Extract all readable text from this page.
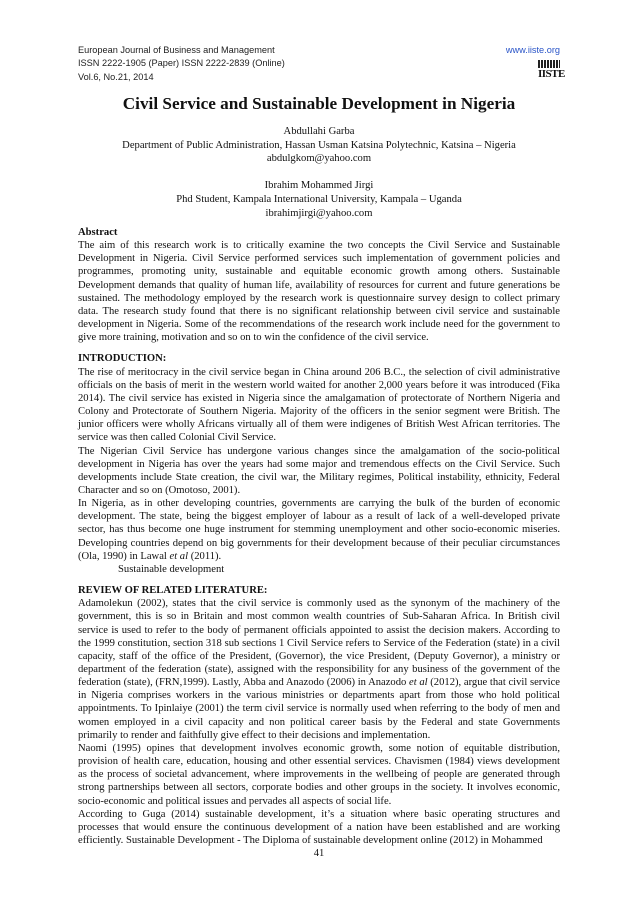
European Journal of Business and Management
ISSN 2222-1905 (Paper) ISSN 2222-2839 (Online)
Vol.6, No.21, 2014
www.iiste.org
IISTE
Civil Service and Sustainable Development in Nigeria
Abdullahi Garba
Department of Public Administration, Hassan Usman Katsina Polytechnic, Katsina – Nigeria
abdulgkom@yahoo.com
Ibrahim Mohammed Jirgi
Phd Student, Kampala International University, Kampala – Uganda
ibrahimjirgi@yahoo.com

Abstract

The aim of this research work is to critically examine the two concepts the Civil Service and Sustainable Development in Nigeria. Civil Service performed services such implementation of government policies and programmes, promoting unity, sustainable and equitable economic growth among others. Sustainable Development demands that quality of human life, availability of resources for current and future generations be sustained. The methodology employed by the research work is questionnaire survey design to collect primary data. The research study found that there is no significant relationship between civil service and sustainable development in Nigeria. Some of the recommendations of the research work include need for the government to give more training, motivation and so on to win the confidence of the civil service.

INTRODUCTION:

The rise of meritocracy in the civil service began in China around 206 B.C., the selection of civil administrative officials on the basis of merit in the western world waited for another 2,000 years before it was introduced (Fika 2014). The civil service has existed in Nigeria since the amalgamation of protectorate of Northern Nigeria and Colony and Protectorate of Southern Nigeria. Majority of the officers in the senior segment were British. The junior officers were wholly Africans virtually all of them were indigenes of British West African territories. The service was then called Colonial Civil Service.

The Nigerian Civil Service has undergone various changes since the amalgamation of the socio-political development in Nigeria has over the years had some major and tremendous effects on the Civil Service. Such developments include State creation, the civil war, the Military regimes, Political instability, ethnicity, Federal Character and so on (Omotoso, 2001).

In Nigeria, as in other developing countries, governments are carrying the bulk of the burden of economic development. The state, being the biggest employer of labour as a result of lack of a well-developed private sector, has thus become one huge instrument for stemming unemployment and other socio-economic miseries. Developing countries depend on big governments for their development because of their peculiar circumstances (Ola, 1990) in Lawal et al (2011).

Sustainable development

REVIEW OF RELATED LITERATURE:

Adamolekun (2002), states that the civil service is commonly used as the synonym of the machinery of the government, this is so in Britain and most common wealth countries of Sub-Saharan Africa. In British civil service is used to refer to the body of permanent officials appointed to assist the decision makers. According to the 1999 constitution, section 318 sub sections 1 Civil Service refers to Service of the Federation (state) in a civil capacity, staff of the office of the President, (Governor), the vice President, (Deputy Governor), a ministry or department of the federation (state), assigned with the responsibility for any business of the government of the federation (state), (FRN,1999). Lastly, Abba and Anazodo (2006) in Anazodo et al (2012), argue that civil service in Nigeria comprises workers in the various ministries or departments apart from those who hold political appointments. To Ipinlaiye (2001) the term civil service is normally used when referring to the body of men and women employed in a civil capacity and non political career basis by the Federal and state Governments primarily to render and faithfully give effect to their decisions and implementation.

Naomi (1995) opines that development involves economic growth, some notion of equitable distribution, provision of health care, education, housing and other essential services. Chavismen (1984) views development as the process of societal advancement, where improvements in the wellbeing of people are generated through strong partnerships between all sectors, corporate bodies and other groups in the society. It involves economic, socio-economic and political issues and pervades all aspects of social life.

According to Guga (2014) sustainable development, it’s a situation where basic operating structures and processes that would ensure the continuous development of a nation have been established and are working efficiently. Sustainable Development - The Diploma of sustainable development online (2012) in Mohammed

41
